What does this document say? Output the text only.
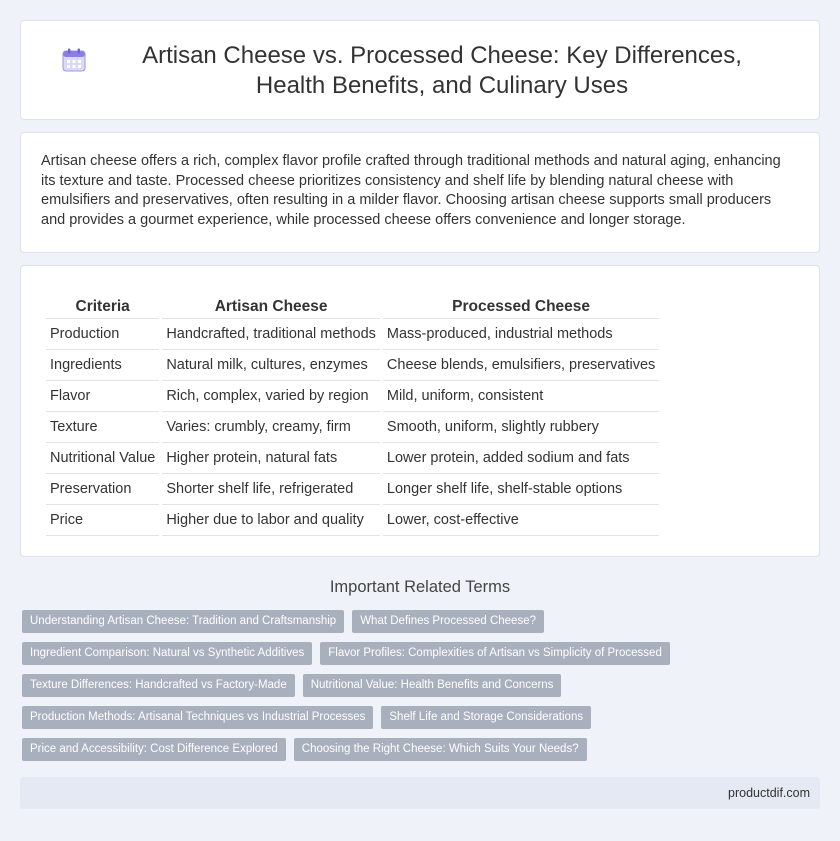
Artisan Cheese vs. Processed Cheese: Key Differences, Health Benefits, and Culinary Uses

Artisan cheese offers a rich, complex flavor profile crafted through traditional methods and natural aging, enhancing its texture and taste. Processed cheese prioritizes consistency and shelf life by blending natural cheese with emulsifiers and preservatives, often resulting in a milder flavor. Choosing artisan cheese supports small producers and provides a gourmet experience, while processed cheese offers convenience and longer storage.

Criteria	Artisan Cheese	Processed Cheese
Production	Handcrafted, traditional methods	Mass-produced, industrial methods
Ingredients	Natural milk, cultures, enzymes	Cheese blends, emulsifiers, preservatives
Flavor	Rich, complex, varied by region	Mild, uniform, consistent
Texture	Varies: crumbly, creamy, firm	Smooth, uniform, slightly rubbery
Nutritional Value	Higher protein, natural fats	Lower protein, added sodium and fats
Preservation	Shorter shelf life, refrigerated	Longer shelf life, shelf-stable options
Price	Higher due to labor and quality	Lower, cost-effective
Important Related Terms
Understanding Artisan Cheese: Tradition and Craftsmanship	What Defines Processed Cheese?
Ingredient Comparison: Natural vs Synthetic Additives	Flavor Profiles: Complexities of Artisan vs Simplicity of Processed
Texture Differences: Handcrafted vs Factory-Made	Nutritional Value: Health Benefits and Concerns
Production Methods: Artisanal Techniques vs Industrial Processes	Shelf Life and Storage Considerations
Price and Accessibility: Cost Difference Explored	Choosing the Right Cheese: Which Suits Your Needs?
productdif.com
